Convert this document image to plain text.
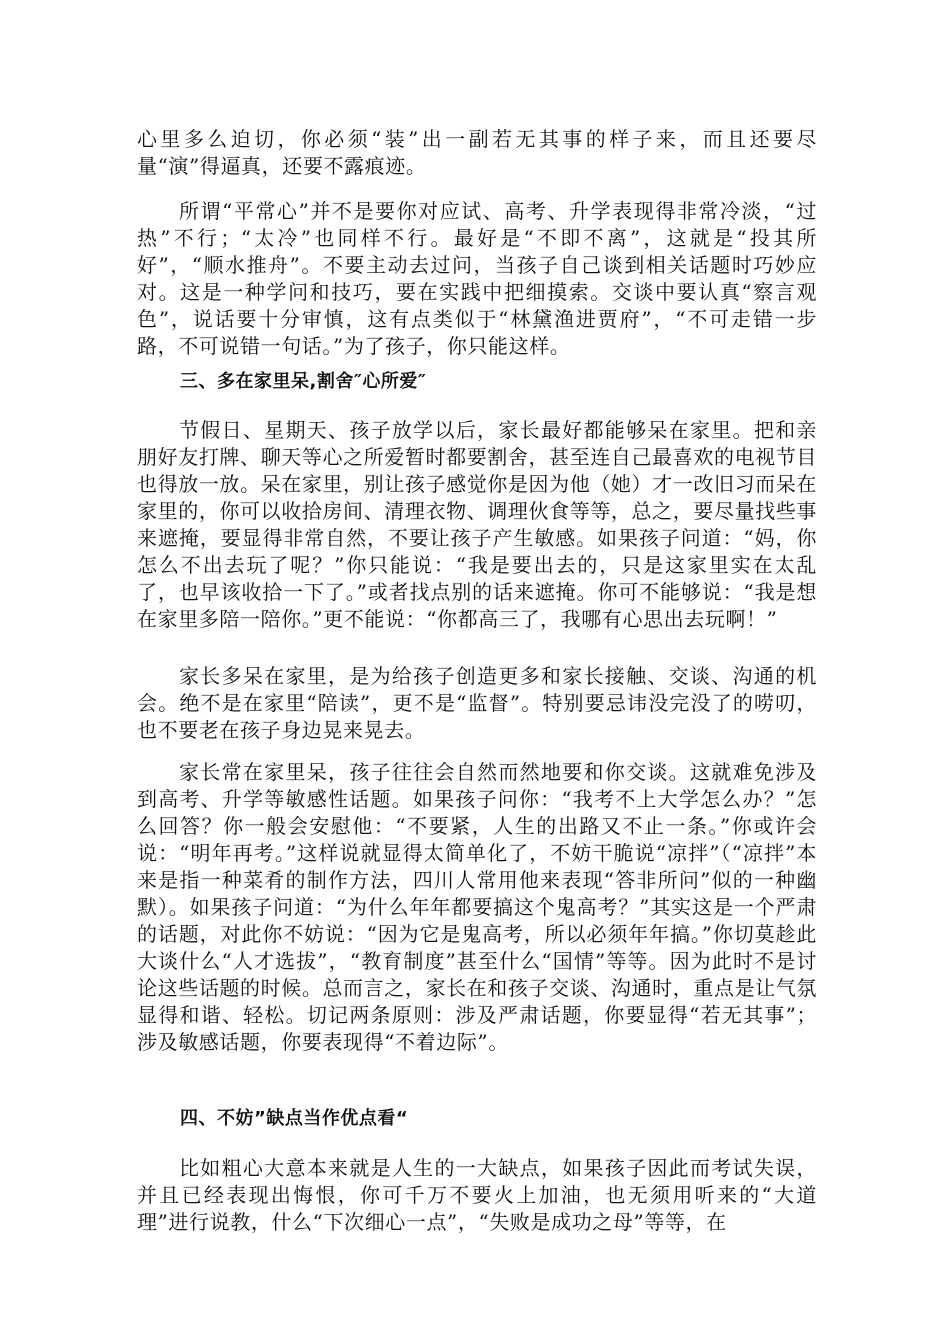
心里多么迫切，你必须“装”出一副若无其事的样子来，而且还要尽量“演”得逼真，还要不露痕迹。

所谓“平常心”并不是要你对应试、高考、升学表现得非常冷淡，“过热”不行；“太冷”也同样不行。最好是“不即不离”，这就是“投其所好”，“顺水推舟”。不要主动去过问，当孩子自己谈到相关话题时巧妙应对。这是一种学问和技巧，要在实践中把细摸索。交谈中要认真“察言观色”，说话要十分审慎，这有点类似于“林黛渔进贾府”，“不可走错一步路，不可说错一句话。”为了孩子，你只能这样。

三、多在家里呆,割舍″心所爱″

节假日、星期天、孩子放学以后，家长最好都能够呆在家里。把和亲朋好友打牌、聊天等心之所爱暂时都要割舍，甚至连自己最喜欢的电视节目也得放一放。呆在家里，别让孩子感觉你是因为他（她）才一改旧习而呆在家里的，你可以收拾房间、清理衣物、调理伙食等等，总之，要尽量找些事来遮掩，要显得非常自然，不要让孩子产生敏感。如果孩子问道：“妈，你怎么不出去玩了呢？”你只能说：“我是要出去的，只是这家里实在太乱了，也早该收拾一下了。”或者找点别的话来遮掩。你可不能够说：“我是想在家里多陪一陪你。”更不能说：“你都高三了，我哪有心思出去玩啊！”

家长多呆在家里，是为给孩子创造更多和家长接触、交谈、沟通的机会。绝不是在家里“陪读”，更不是“监督”。特别要忌讳没完没了的唠叨，也不要老在孩子身边晃来晃去。

家长常在家里呆，孩子往往会自然而然地要和你交谈。这就难免涉及到高考、升学等敏感性话题。如果孩子问你：“我考不上大学怎么办？”怎么回答？你一般会安慰他：“不要紧，人生的出路又不止一条。”你或许会说：“明年再考。”这样说就显得太简单化了，不妨干脆说“凉拌”（“凉拌”本来是指一种菜肴的制作方法，四川人常用他来表现“答非所问”似的一种幽默）。如果孩子问道：“为什么年年都要搞这个鬼高考？”其实这是一个严肃的话题，对此你不妨说：“因为它是鬼高考，所以必须年年搞。”你切莫趁此大谈什么“人才选拔”，“教育制度”甚至什么“国情”等等。因为此时不是讨论这些话题的时候。总而言之，家长在和孩子交谈、沟通时，重点是让气氛显得和谐、轻松。切记两条原则：涉及严肃话题，你要显得“若无其事”；涉及敏感话题，你要表现得“不着边际”。

四、不妨”缺点当作优点看“

比如粗心大意本来就是人生的一大缺点，如果孩子因此而考试失误，并且已经表现出悔恨，你可千万不要火上加油，也无须用听来的“大道理”进行说教，什么“下次细心一点”，“失败是成功之母”等等，在
